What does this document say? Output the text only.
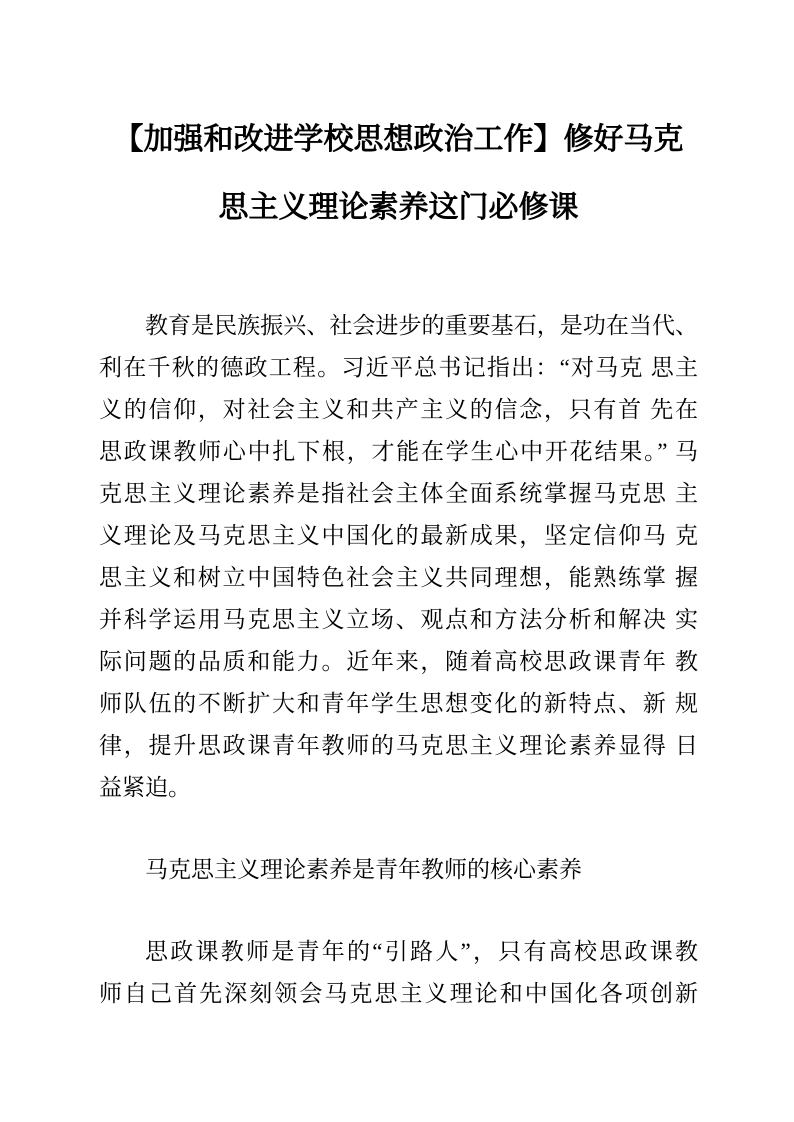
【加强和改进学校思想政治工作】修好马克
思主义理论素养这门必修课
教育是民族振兴、社会进步的重要基石，是功在当代、
利在千秋的德政工程。习近平总书记指出：“对马克 思主
义的信仰，对社会主义和共产主义的信念，只有首 先在
思政课教师心中扎下根，才能在学生心中开花结果。” 马
克思主义理论素养是指社会主体全面系统掌握马克思 主
义理论及马克思主义中国化的最新成果，坚定信仰马 克
思主义和树立中国特色社会主义共同理想，能熟练掌 握
并科学运用马克思主义立场、观点和方法分析和解决 实
际问题的品质和能力。近年来，随着高校思政课青年 教
师队伍的不断扩大和青年学生思想变化的新特点、新 规
律，提升思政课青年教师的马克思主义理论素养显得 日
益紧迫。
马克思主义理论素养是青年教师的核心素养
思政课教师是青年的“引路人”，只有高校思政课教
师自己首先深刻领会马克思主义理论和中国化各项创新
